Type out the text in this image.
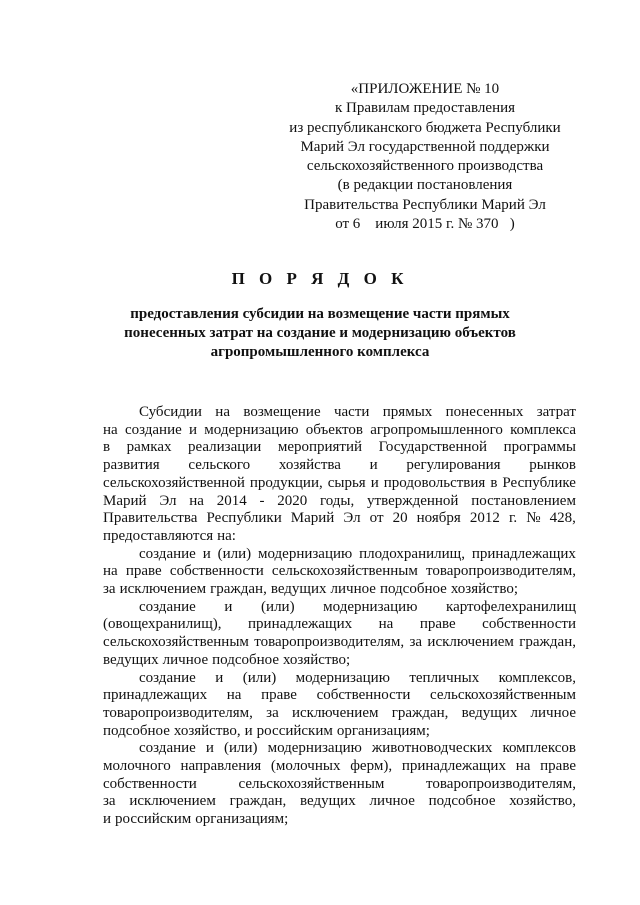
«ПРИЛОЖЕНИЕ № 10
к Правилам предоставления
из республиканского бюджета Республики
Марий Эл государственной поддержки
сельскохозяйственного производства
(в редакции постановления
Правительства Республики Марий Эл
от 6    июля 2015 г. № 370   )
П О Р Я Д О К
предоставления субсидии на возмещение части прямых
понесенных затрат на создание и модернизацию объектов
агропромышленного комплекса
Субсидии на возмещение части прямых понесенных затрат
на создание и модернизацию объектов агропромышленного комплекса
в рамках реализации мероприятий Государственной программы
развития сельского хозяйства и регулирования рынков
сельскохозяйственной продукции, сырья и продовольствия в Республике
Марий Эл на 2014 - 2020 годы, утвержденной постановлением
Правительства Республики Марий Эл от 20 ноября 2012 г. № 428,
предоставляются на:
создание и (или) модернизацию плодохранилищ, принадлежащих
на праве собственности сельскохозяйственным товаропроизводителям,
за исключением граждан, ведущих личное подсобное хозяйство;
создание и (или) модернизацию картофелехранилищ
(овощехранилищ), принадлежащих на праве собственности
сельскохозяйственным товаропроизводителям, за исключением граждан,
ведущих личное подсобное хозяйство;
создание и (или) модернизацию тепличных комплексов,
принадлежащих на праве собственности сельскохозяйственным
товаропроизводителям, за исключением граждан, ведущих личное
подсобное хозяйство, и российским организациям;
создание и (или) модернизацию животноводческих комплексов
молочного направления (молочных ферм), принадлежащих на праве
собственности	сельскохозяйственным	товаропроизводителям,
за исключением граждан, ведущих личное подсобное хозяйство,
и российским организациям;
